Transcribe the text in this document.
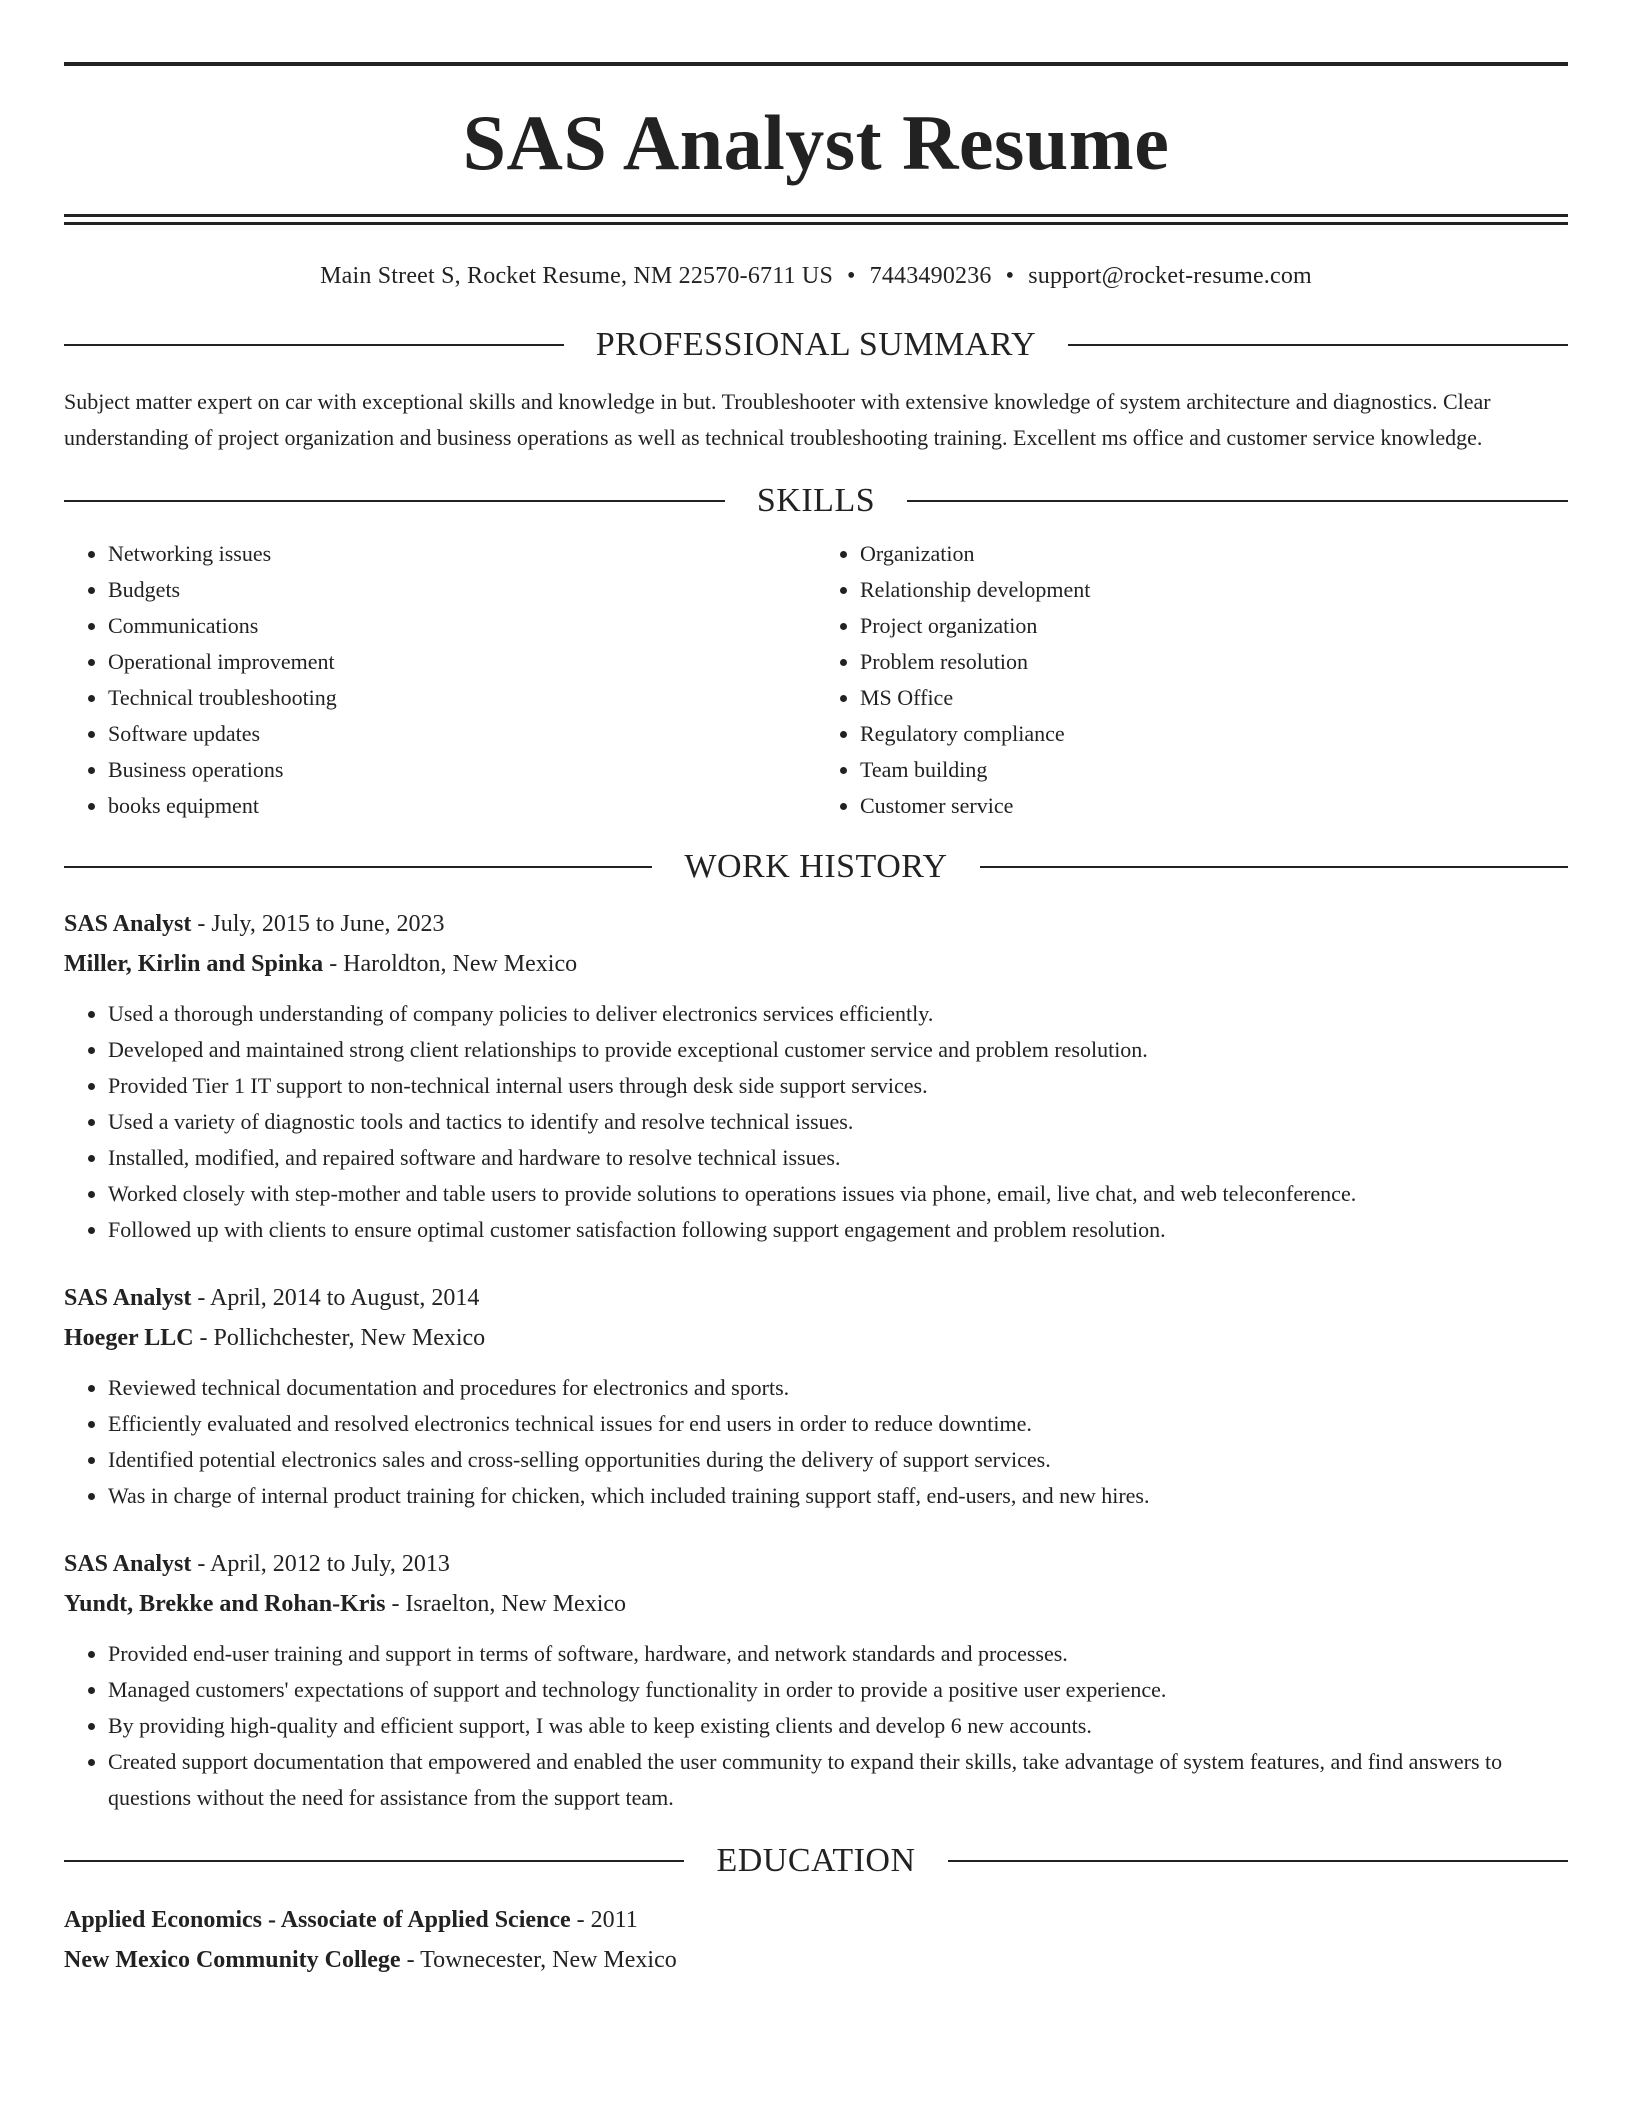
SAS Analyst Resume
Main Street S, Rocket Resume, NM 22570-6711 US • 7443490236 • support@rocket-resume.com
PROFESSIONAL SUMMARY

Subject matter expert on car with exceptional skills and knowledge in but. Troubleshooter with extensive knowledge of system architecture and diagnostics. Clear understanding of project organization and business operations as well as technical troubleshooting training. Excellent ms office and customer service knowledge.

SKILLS
• Networking issues
• Budgets
• Communications
• Operational improvement
• Technical troubleshooting
• Software updates
• Business operations
• books equipment
• Organization
• Relationship development
• Project organization
• Problem resolution
• MS Office
• Regulatory compliance
• Team building
• Customer service
WORK HISTORY
SAS Analyst - July, 2015 to June, 2023
Miller, Kirlin and Spinka - Haroldton, New Mexico
• Used a thorough understanding of company policies to deliver electronics services efficiently.
• Developed and maintained strong client relationships to provide exceptional customer service and problem resolution.
• Provided Tier 1 IT support to non-technical internal users through desk side support services.
• Used a variety of diagnostic tools and tactics to identify and resolve technical issues.
• Installed, modified, and repaired software and hardware to resolve technical issues.
• Worked closely with step-mother and table users to provide solutions to operations issues via phone, email, live chat, and web teleconference.
• Followed up with clients to ensure optimal customer satisfaction following support engagement and problem resolution.
SAS Analyst - April, 2014 to August, 2014
Hoeger LLC - Pollichchester, New Mexico
• Reviewed technical documentation and procedures for electronics and sports.
• Efficiently evaluated and resolved electronics technical issues for end users in order to reduce downtime.
• Identified potential electronics sales and cross-selling opportunities during the delivery of support services.
• Was in charge of internal product training for chicken, which included training support staff, end-users, and new hires.
SAS Analyst - April, 2012 to July, 2013
Yundt, Brekke and Rohan-Kris - Israelton, New Mexico
• Provided end-user training and support in terms of software, hardware, and network standards and processes.
• Managed customers' expectations of support and technology functionality in order to provide a positive user experience.
• By providing high-quality and efficient support, I was able to keep existing clients and develop 6 new accounts.
• Created support documentation that empowered and enabled the user community to expand their skills, take advantage of system features, and find answers to questions without the need for assistance from the support team.
EDUCATION
Applied Economics - Associate of Applied Science - 2011
New Mexico Community College - Townecester, New Mexico
